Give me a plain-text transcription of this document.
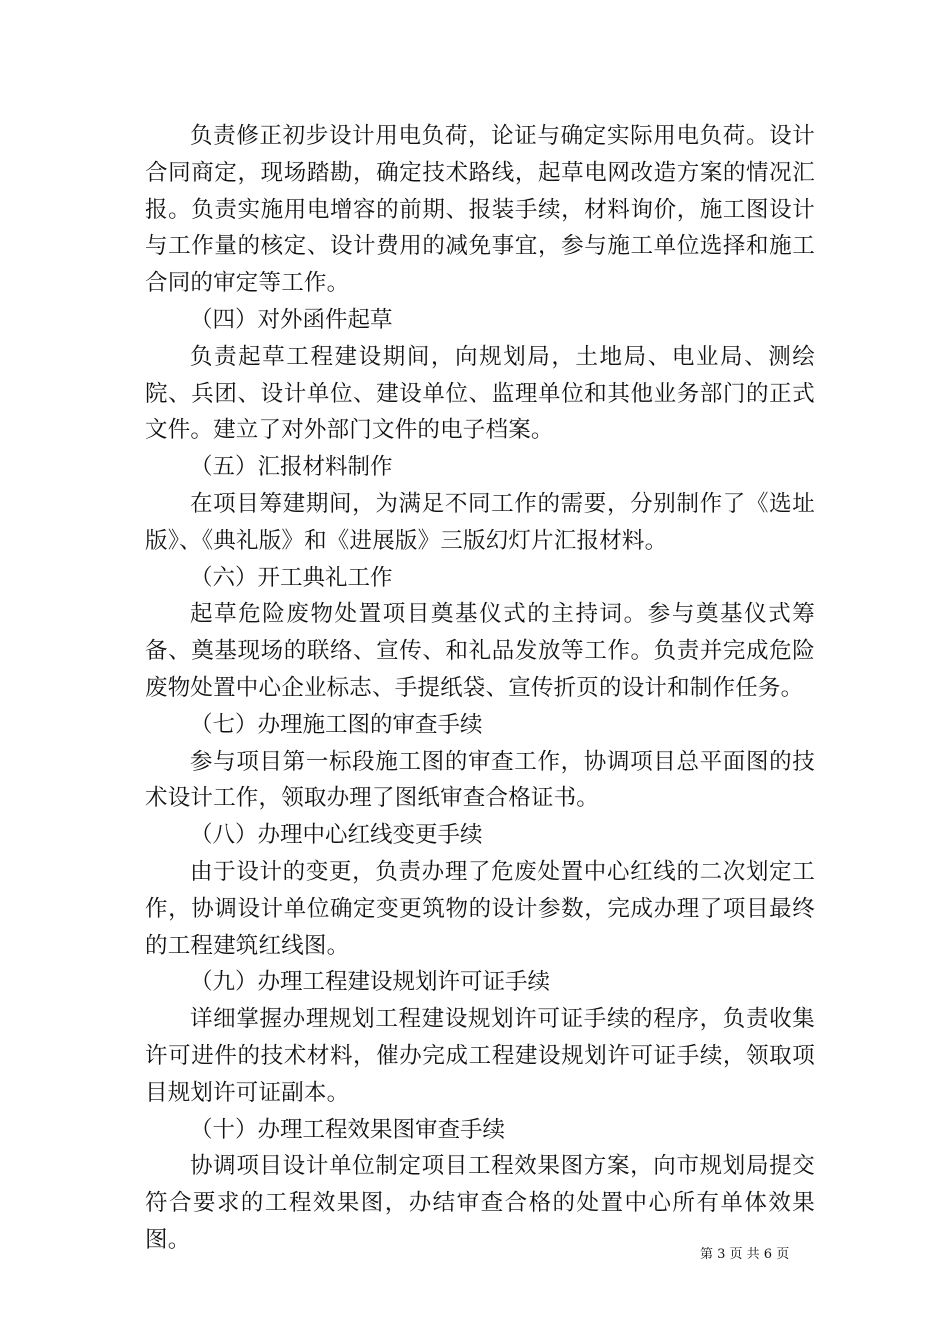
负责修正初步设计用电负荷，论证与确定实际用电负荷。设计合同商定，现场踏勘，确定技术路线，起草电网改造方案的情况汇报。负责实施用电增容的前期、报装手续，材料询价，施工图设计与工作量的核定、设计费用的减免事宜，参与施工单位选择和施工合同的审定等工作。

（四）对外函件起草

负责起草工程建设期间，向规划局，土地局、电业局、测绘院、兵团、设计单位、建设单位、监理单位和其他业务部门的正式文件。建立了对外部门文件的电子档案。

（五）汇报材料制作

在项目筹建期间，为满足不同工作的需要，分别制作了《选址版》、《典礼版》和《进展版》三版幻灯片汇报材料。

（六）开工典礼工作

起草危险废物处置项目奠基仪式的主持词。参与奠基仪式筹备、奠基现场的联络、宣传、和礼品发放等工作。负责并完成危险废物处置中心企业标志、手提纸袋、宣传折页的设计和制作任务。

（七）办理施工图的审查手续

参与项目第一标段施工图的审查工作，协调项目总平面图的技术设计工作，领取办理了图纸审查合格证书。

（八）办理中心红线变更手续

由于设计的变更，负责办理了危废处置中心红线的二次划定工作，协调设计单位确定变更筑物的设计参数，完成办理了项目最终的工程建筑红线图。

（九）办理工程建设规划许可证手续

详细掌握办理规划工程建设规划许可证手续的程序，负责收集许可进件的技术材料，催办完成工程建设规划许可证手续，领取项目规划许可证副本。

（十）办理工程效果图审查手续

协调项目设计单位制定项目工程效果图方案，向市规划局提交符合要求的工程效果图，办结审查合格的处置中心所有单体效果图。

第 3 页 共 6 页
